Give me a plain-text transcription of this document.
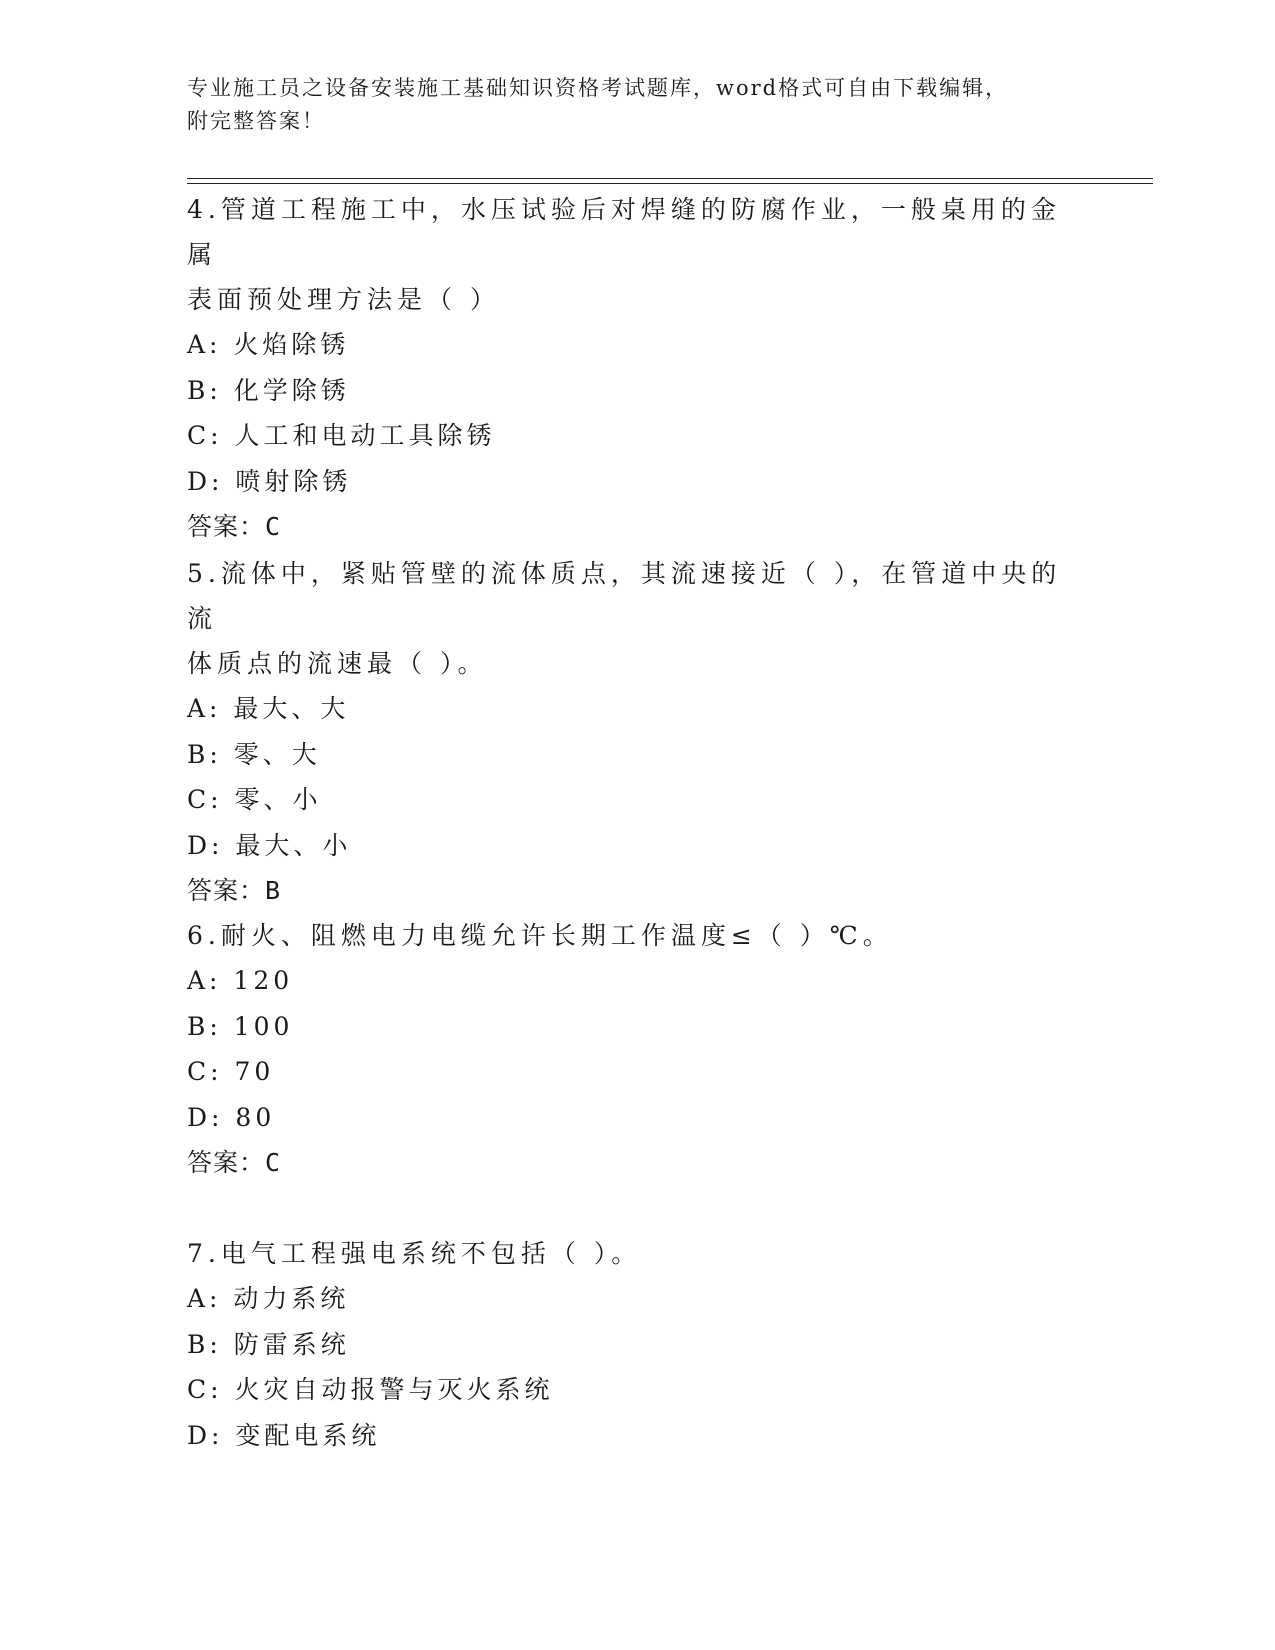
专业施工员之设备安装施工基础知识资格考试题库，word格式可自由下载编辑，
附完整答案！
4.管道工程施工中，水压试验后对焊缝的防腐作业，一般桌用的金属
表面预处理方法是（ ）
A: 火焰除锈
B: 化学除锈
C: 人工和电动工具除锈
D: 喷射除锈
答案：C
5.流体中，紧贴管壁的流体质点，其流速接近（ ），在管道中央的流
体质点的流速最（ ）。
A: 最大、大
B: 零、大
C: 零、小
D: 最大、小
答案：B
6.耐火、阻燃电力电缆允许长期工作温度≤（ ）℃。
A: 120
B: 100
C: 70
D: 80
答案：C
7.电气工程强电系统不包括（ ）。
A: 动力系统
B: 防雷系统
C: 火灾自动报警与灭火系统
D: 变配电系统
